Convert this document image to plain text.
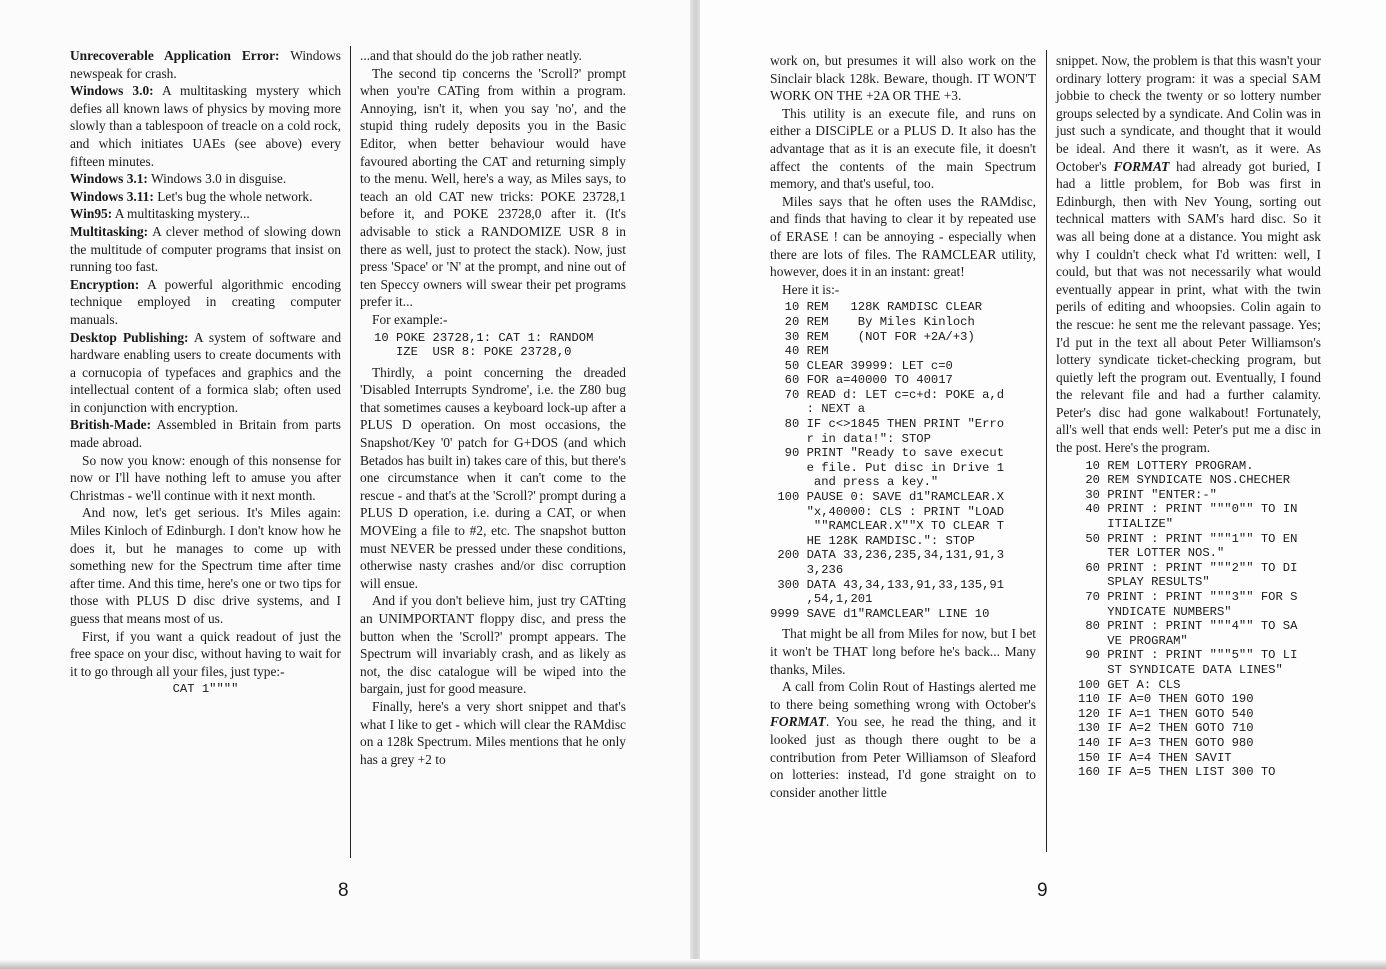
Unrecoverable Application Error: Windows newspeak for crash.

Windows 3.0: A multitasking mystery which defies all known laws of physics by moving more slowly than a tablespoon of treacle on a cold rock, and which initiates UAEs (see above) every fifteen minutes.

Windows 3.1: Windows 3.0 in disguise.

Windows 3.11: Let's bug the whole network.

Win95: A multitasking mystery...

Multitasking: A clever method of slowing down the multitude of computer programs that insist on running too fast.

Encryption: A powerful algorithmic encoding technique employed in creating computer manuals.

Desktop Publishing: A system of software and hardware enabling users to create documents with a cornucopia of typefaces and graphics and the intellectual content of a formica slab; often used in conjunction with encryption.

British-Made: Assembled in Britain from parts made abroad.

So now you know: enough of this nonsense for now or I'll have nothing left to amuse you after Christmas - we'll continue with it next month.

And now, let's get serious. It's Miles again: Miles Kinloch of Edinburgh. I don't know how he does it, but he manages to come up with something new for the Spectrum time after time after time. And this time, here's one or two tips for those with PLUS D disc drive systems, and I guess that means most of us.

First, if you want a quick readout of just the free space on your disc, without having to wait for it to go through all your files, just type:-

CAT 1""""

...and that should do the job rather neatly.

The second tip concerns the 'Scroll?' prompt when you're CATing from within a program. Annoying, isn't it, when you say 'no', and the stupid thing rudely deposits you in the Basic Editor, when better behaviour would have favoured aborting the CAT and returning simply to the menu. Well, here's a way, as Miles says, to teach an old CAT new tricks: POKE 23728,1 before it, and POKE 23728,0 after it. (It's advisable to stick a RANDOMIZE USR 8 in there as well, just to protect the stack). Now, just press 'Space' or 'N' at the prompt, and nine out of ten Speccy owners will swear their pet programs prefer it...

For example:-

10 POKE 23728,1: CAT 1: RANDOM
IZE  USR 8: POKE 23728,0

Thirdly, a point concerning the dreaded 'Disabled Interrupts Syndrome', i.e. the Z80 bug that sometimes causes a keyboard lock-up after a PLUS D operation. On most occasions, the Snapshot/Key '0' patch for G+DOS (and which Betados has built in) takes care of this, but there's one circumstance when it can't come to the rescue - and that's at the 'Scroll?' prompt during a PLUS D operation, i.e. during a CAT, or when MOVEing a file to #2, etc. The snapshot button must NEVER be pressed under these conditions, otherwise nasty crashes and/or disc corruption will ensue.

And if you don't believe him, just try CATting an UNIMPORTANT floppy disc, and press the button when the 'Scroll?' prompt appears. The Spectrum will invariably crash, and as likely as not, the disc catalogue will be wiped into the bargain, just for good measure.

Finally, here's a very short snippet and that's what I like to get - which will clear the RAMdisc on a 128k Spectrum. Miles mentions that he only has a grey +2 to

8

work on, but presumes it will also work on the Sinclair black 128k. Beware, though. IT WON'T WORK ON THE +2A OR THE +3.

This utility is an execute file, and runs on either a DISCiPLE or a PLUS D. It also has the advantage that as it is an execute file, it doesn't affect the contents of the main Spectrum memory, and that's useful, too.

Miles says that he often uses the RAMdisc, and finds that having to clear it by repeated use of ERASE ! can be annoying - especially when there are lots of files. The RAMCLEAR utility, however, does it in an instant: great!

Here it is:-

10 REM   128K RAMDISC CLEAR
20 REM    By Miles Kinloch
30 REM    (NOT FOR +2A/+3)
40 REM
50 CLEAR 39999: LET c=0
60 FOR a=40000 TO 40017
70 READ d: LET c=c+d: POKE a,d
: NEXT a
80 IF c<>1845 THEN PRINT "Erro
r in data!": STOP
90 PRINT "Ready to save execut
e file. Put disc in Drive 1
and press a key."
100 PAUSE 0: SAVE d1"RAMCLEAR.X
"x,40000: CLS : PRINT "LOAD
""RAMCLEAR.X""X TO CLEAR T
HE 128K RAMDISC.": STOP
200 DATA 33,236,235,34,131,91,3
3,236
300 DATA 43,34,133,91,33,135,91
,54,1,201
9999 SAVE d1"RAMCLEAR" LINE 10

That might be all from Miles for now, but I bet it won't be THAT long before he's back... Many thanks, Miles.

A call from Colin Rout of Hastings alerted me to there being something wrong with October's FORMAT. You see, he read the thing, and it looked just as though there ought to be a contribution from Peter Williamson of Sleaford on lotteries: instead, I'd gone straight on to consider another little

snippet. Now, the problem is that this wasn't your ordinary lottery program: it was a special SAM jobbie to check the twenty or so lottery number groups selected by a syndicate. And Colin was in just such a syndicate, and thought that it would be ideal. And there it wasn't, as it were. As October's FORMAT had already got buried, I had a little problem, for Bob was first in Edinburgh, then with Nev Young, sorting out technical matters with SAM's hard disc. So it was all being done at a distance. You might ask why I couldn't check what I'd written: well, I could, but that was not necessarily what would eventually appear in print, what with the twin perils of editing and whoopsies. Colin again to the rescue: he sent me the relevant passage. Yes; I'd put in the text all about Peter Williamson's lottery syndicate ticket-checking program, but quietly left the program out. Eventually, I found the relevant file and had a further calamity. Peter's disc had gone walkabout! Fortunately, all's well that ends well: Peter's put me a disc in the post. Here's the program.

10 REM LOTTERY PROGRAM.
20 REM SYNDICATE NOS.CHECHER
30 PRINT "ENTER:-"
40 PRINT : PRINT """0"" TO IN
ITIALIZE"
50 PRINT : PRINT """1"" TO EN
TER LOTTER NOS."
60 PRINT : PRINT """2"" TO DI
SPLAY RESULTS"
70 PRINT : PRINT """3"" FOR S
YNDICATE NUMBERS"
80 PRINT : PRINT """4"" TO SA
VE PROGRAM"
90 PRINT : PRINT """5"" TO LI
ST SYNDICATE DATA LINES"
100 GET A: CLS
110 IF A=0 THEN GOTO 190
120 IF A=1 THEN GOTO 540
130 IF A=2 THEN GOTO 710
140 IF A=3 THEN GOTO 980
150 IF A=4 THEN SAVIT
160 IF A=5 THEN LIST 300 TO
9
